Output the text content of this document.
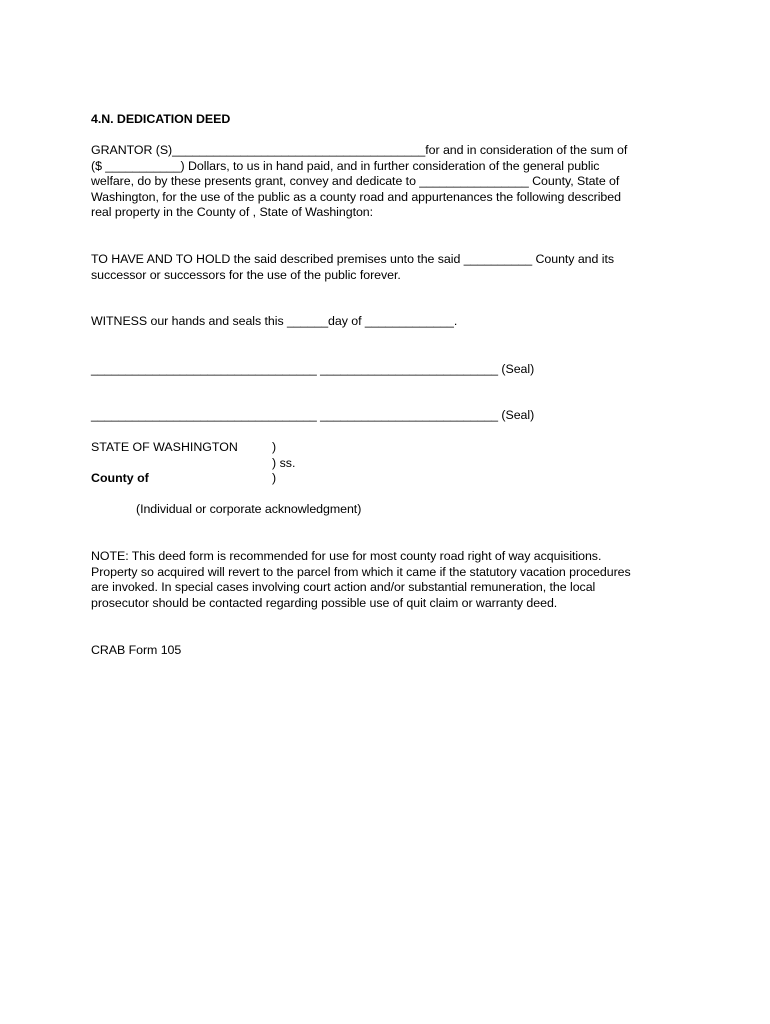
4.N. DEDICATION DEED
GRANTOR (S)_____________________________________for and in consideration of the sum of
($ ___________) Dollars, to us in hand paid, and in further consideration of the general public
welfare, do by these presents grant, convey and dedicate to ________________ County, State of
Washington, for the use of the public as a county road and appurtenances the following described
real property in the County of , State of Washington:
TO HAVE AND TO HOLD the said described premises unto the said __________ County and its
successor or successors for the use of the public forever.
WITNESS our hands and seals this ______day of _____________.
_________________________________ __________________________ (Seal)
_________________________________ __________________________ (Seal)
STATE OF WASHINGTON
County of
)
) ss.
)
(Individual or corporate acknowledgment)
NOTE: This deed form is recommended for use for most county road right of way acquisitions.
Property so acquired will revert to the parcel from which it came if the statutory vacation procedures
are invoked. In special cases involving court action and/or substantial remuneration, the local
prosecutor should be contacted regarding possible use of quit claim or warranty deed.
CRAB Form 105
